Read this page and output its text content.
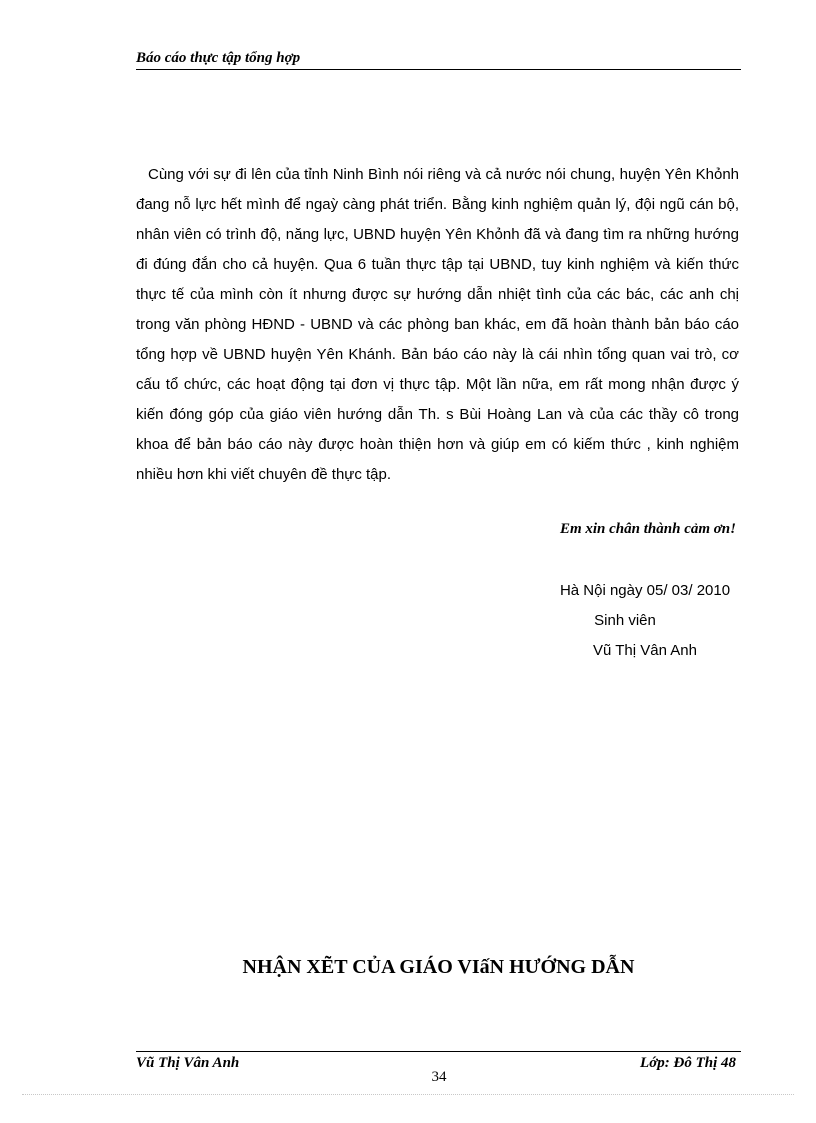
Báo cáo thực tập tổng hợp
Cùng với sự đi lên của tỉnh Ninh Bình nói riêng và cả nước nói chung, huyện Yên Khỏnh đang nỗ lực hết mình để ngaỳ càng phát triển. Bằng kinh nghiệm quản lý, đội ngũ cán bộ, nhân viên có trình độ, năng lực, UBND huyện Yên Khỏnh đã và đang tìm ra những hướng đi đúng đắn cho cả huyện. Qua 6 tuần thực tập tại UBND, tuy kinh nghiệm và kiến thức thực tế của mình còn ít nhưng được sự hướng dẫn nhiệt tình của các bác, các anh chị trong văn phòng HĐND - UBND và các phòng ban khác, em đã hoàn thành bản báo cáo tổng hợp về UBND huyện Yên Khánh. Bản báo cáo này là cái nhìn tổng quan vai trò, cơ cấu tổ chức, các hoạt động tại đơn vị thực tập. Một lần nữa, em rất mong nhận được ý kiến đóng góp của giáo viên hướng dẫn Th. s Bùi Hoàng Lan và của các thầy cô trong khoa để bản báo cáo này được hoàn thiện hơn và giúp em có kiếm thức , kinh nghiệm nhiều hơn khi viết chuyên đề thực tập.
Em xin chân thành cảm ơn!
Hà Nội ngày 05/ 03/ 2010
Sinh viên
Vũ Thị Vân Anh
NHẬN XẼT CỦA GIÁO VIấN HƯỚNG DẪN
Vũ Thị Vân Anh	Lớp: Đô Thị 48
34
